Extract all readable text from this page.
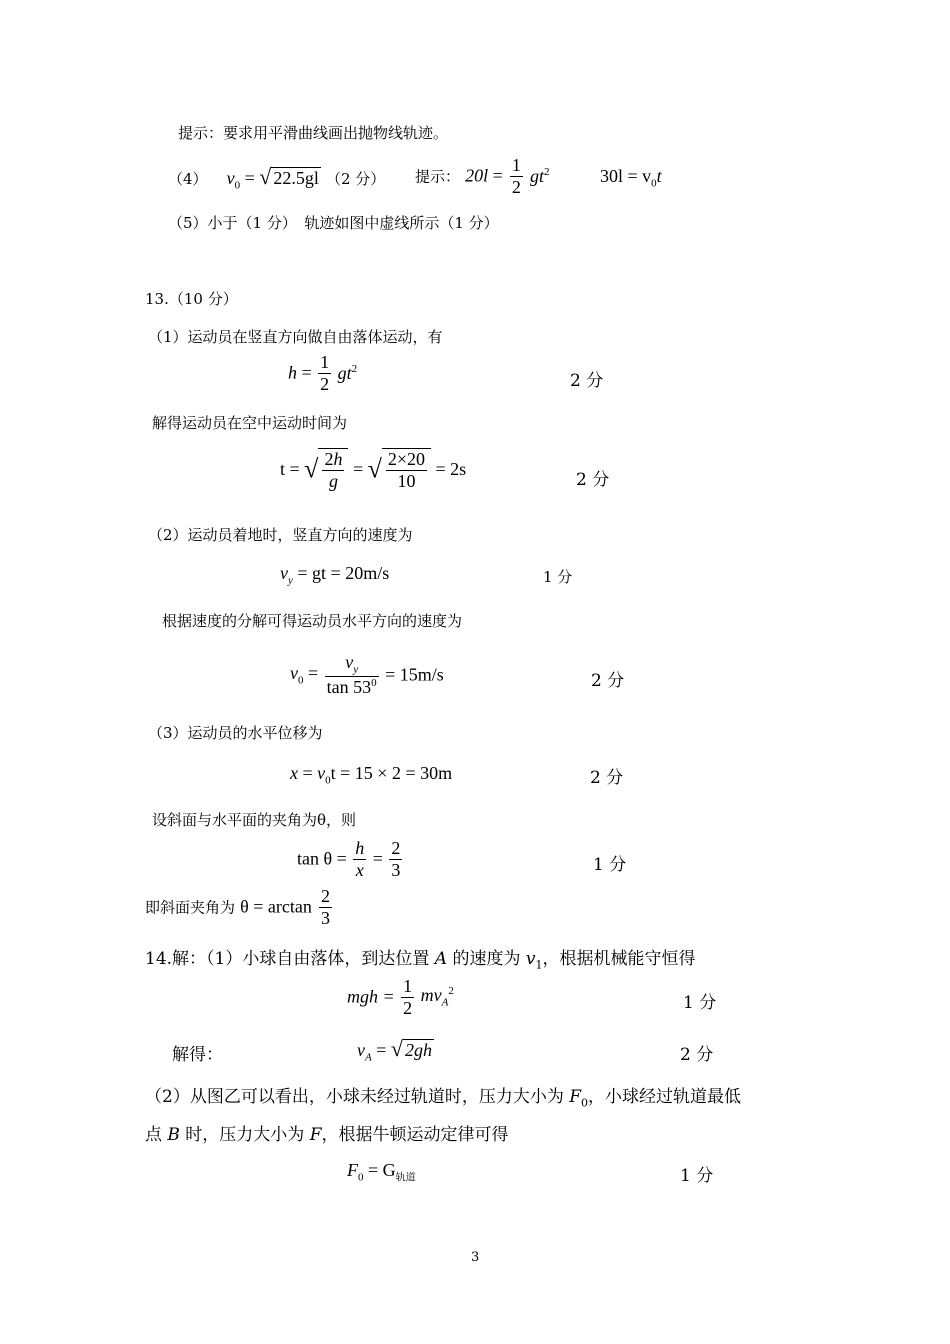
提示：要求用平滑曲线画出抛物线轨迹。
（4） $v_0$ = √ 22.5gl （2 分） 提示： $20l = \frac{1}{2} gt^2$	$30l = v_0t$
（5）小于（1 分）　轨迹如图中虚线所示（1 分）
13.（10 分）
（1）运动员在竖直方向做自由落体运动，有
$h = \frac{1}{2} gt^2$
2 分
解得运动员在空中运动时间为
t = √ $\frac{2h}{g}$ = √ $\frac{2\times 20}{10} = 2s$
2 分
（2）运动员着地时，竖直方向的速度为
$v_y$ = gt = 20m/s	1 分
根据速度的分解可得运动员水平方向的速度为
$v_0 = \frac{v_y}{\tan 53^0} = 15m/s$	2 分
（3）运动员的水平位移为
$x = v_0t = 15 \times 2 = 30m$	2 分
设斜面与水平面的夹角为θ，则
$\tan \theta = \frac{h}{x} = \frac{2}{3}$	1 分
即斜面夹角为 $\theta = \arctan \frac{2}{3}$
14.解：（1）小球自由落体，到达位置 A 的速度为 $v_1$，根据机械能守恒得
mgh = $\frac{1}{2} mv_A^2$
1 分
解得：	$v_A$ = √ 2gh	2 分
（2）从图乙可以看出，小球未经过轨道时，压力大小为 $F_0$，小球经过轨道最低
点 B 时，压力大小为 F，根据牛顿运动定律可得
$F_0 = G_{轨道}$	1 分
3
